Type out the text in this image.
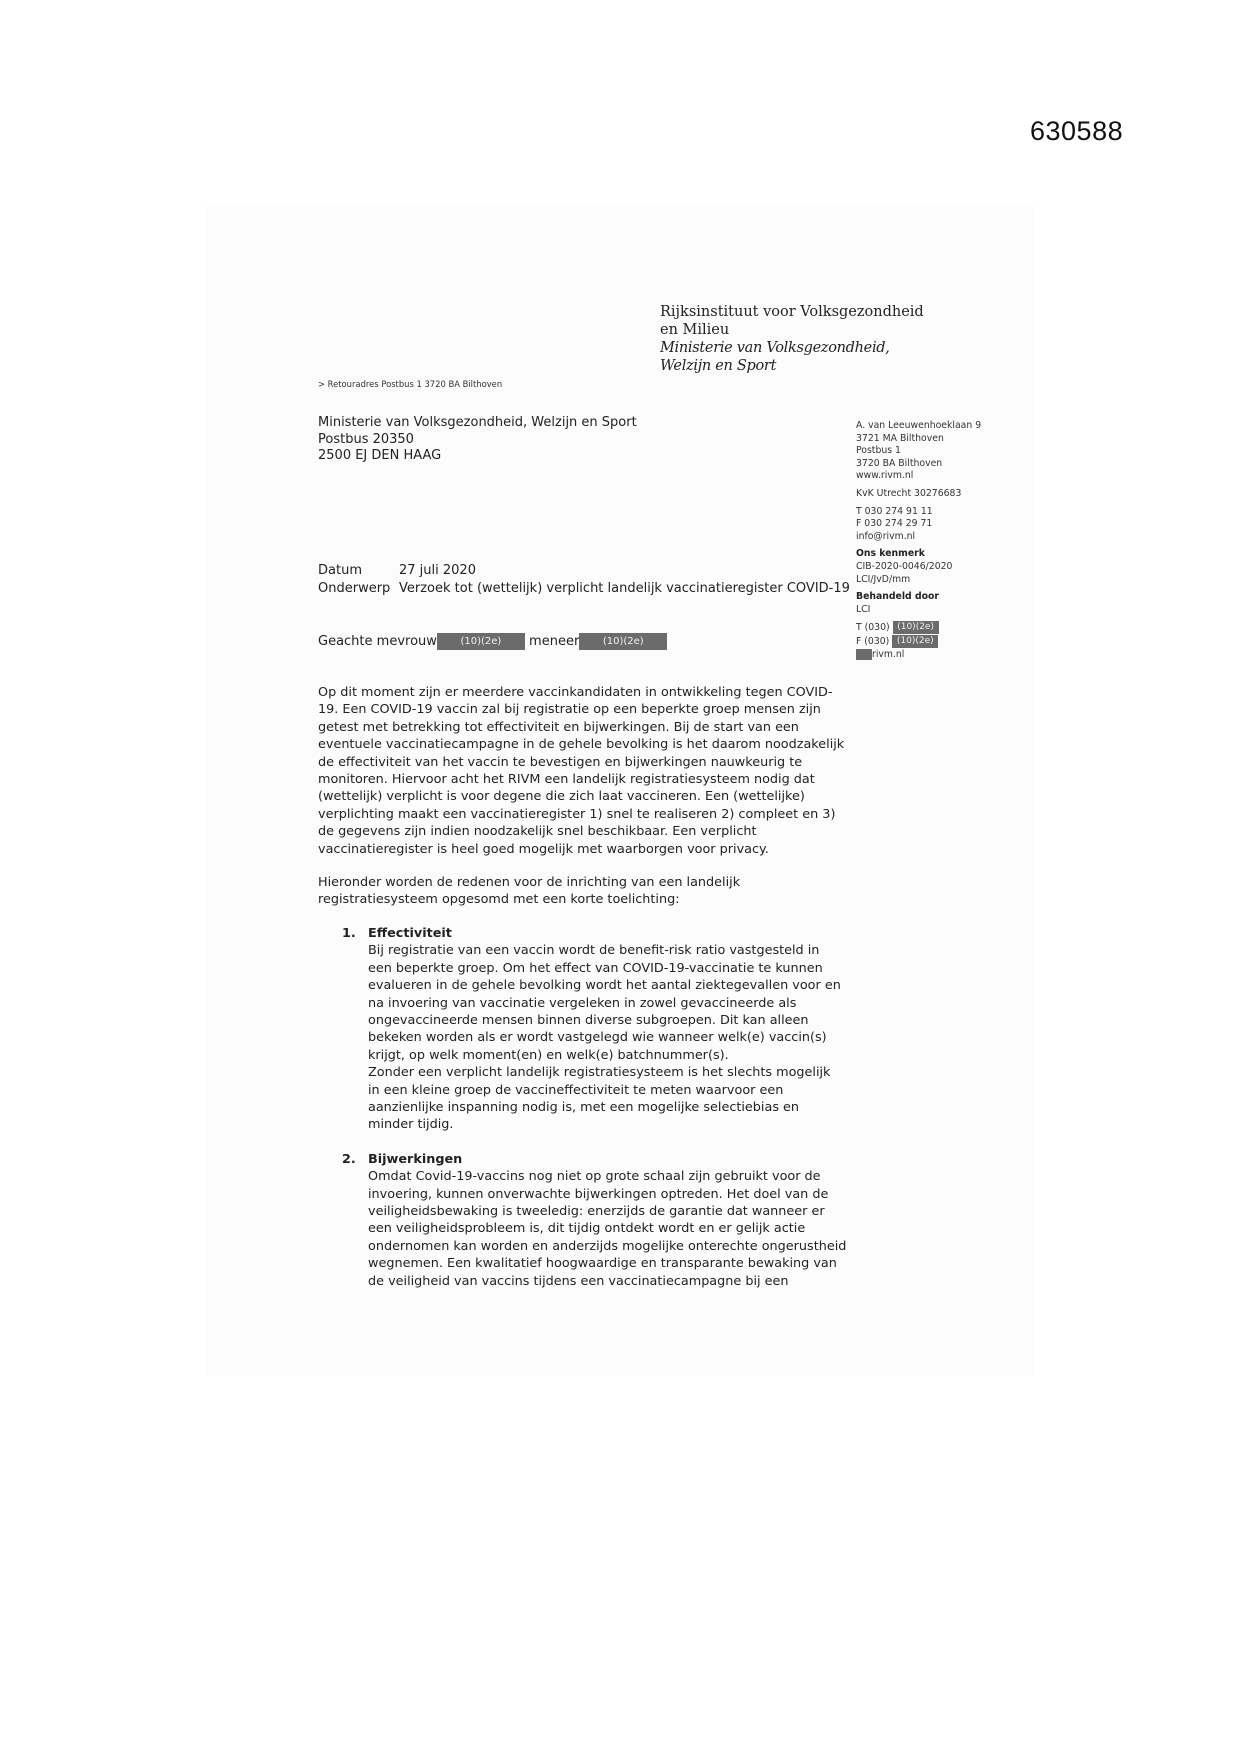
630588
Rijksinstituut voor Volksgezondheid
en Milieu
Ministerie van Volksgezondheid,
Welzijn en Sport
> Retouradres Postbus 1 3720 BA Bilthoven
Ministerie van Volksgezondheid, Welzijn en Sport
Postbus 20350
2500 EJ DEN HAAG
A. van Leeuwenhoeklaan 9
3721 MA Bilthoven
Postbus 1
3720 BA Bilthoven
www.rivm.nl
KvK Utrecht 30276683
T 030 274 91 11
F 030 274 29 71
info@rivm.nl
Ons kenmerk
CIB-2020-0046/2020
LCI/JvD/mm
Behandeld door
LCI
T (030) (10)(2e)
F (030) (10)(2e)
rivm.nl
Datum	27 juli 2020
Onderwerp Verzoek tot (wettelijk) verplicht landelijk vaccinatieregister COVID-19
Geachte mevrouw (10)(2e) meneer (10)(2e)

Op dit moment zijn er meerdere vaccinkandidaten in ontwikkeling tegen COVID-
19. Een COVID-19 vaccin zal bij registratie op een beperkte groep mensen zijn
getest met betrekking tot effectiviteit en bijwerkingen. Bij de start van een
eventuele vaccinatiecampagne in de gehele bevolking is het daarom noodzakelijk
de effectiviteit van het vaccin te bevestigen en bijwerkingen nauwkeurig te
monitoren. Hiervoor acht het RIVM een landelijk registratiesysteem nodig dat
(wettelijk) verplicht is voor degene die zich laat vaccineren. Een (wettelijke)
verplichting maakt een vaccinatieregister 1) snel te realiseren 2) compleet en 3)
de gegevens zijn indien noodzakelijk snel beschikbaar. Een verplicht
vaccinatieregister is heel goed mogelijk met waarborgen voor privacy.

Hieronder worden de redenen voor de inrichting van een landelijk
registratiesysteem opgesomd met een korte toelichting:

1. Effectiviteit
Bij registratie van een vaccin wordt de benefit-risk ratio vastgesteld in
een beperkte groep. Om het effect van COVID-19-vaccinatie te kunnen
evalueren in de gehele bevolking wordt het aantal ziektegevallen voor en
na invoering van vaccinatie vergeleken in zowel gevaccineerde als
ongevaccineerde mensen binnen diverse subgroepen. Dit kan alleen
bekeken worden als er wordt vastgelegd wie wanneer welk(e) vaccin(s)
krijgt, op welk moment(en) en welk(e) batchnummer(s).
Zonder een verplicht landelijk registratiesysteem is het slechts mogelijk
in een kleine groep de vaccineffectiviteit te meten waarvoor een
aanzienlijke inspanning nodig is, met een mogelijke selectiebias en
minder tijdig.
2. Bijwerkingen
Omdat Covid-19-vaccins nog niet op grote schaal zijn gebruikt voor de
invoering, kunnen onverwachte bijwerkingen optreden. Het doel van de
veiligheidsbewaking is tweeledig: enerzijds de garantie dat wanneer er
een veiligheidsprobleem is, dit tijdig ontdekt wordt en er gelijk actie
ondernomen kan worden en anderzijds mogelijke onterechte ongerustheid
wegnemen. Een kwalitatief hoogwaardige en transparante bewaking van
de veiligheid van vaccins tijdens een vaccinatiecampagne bij een
